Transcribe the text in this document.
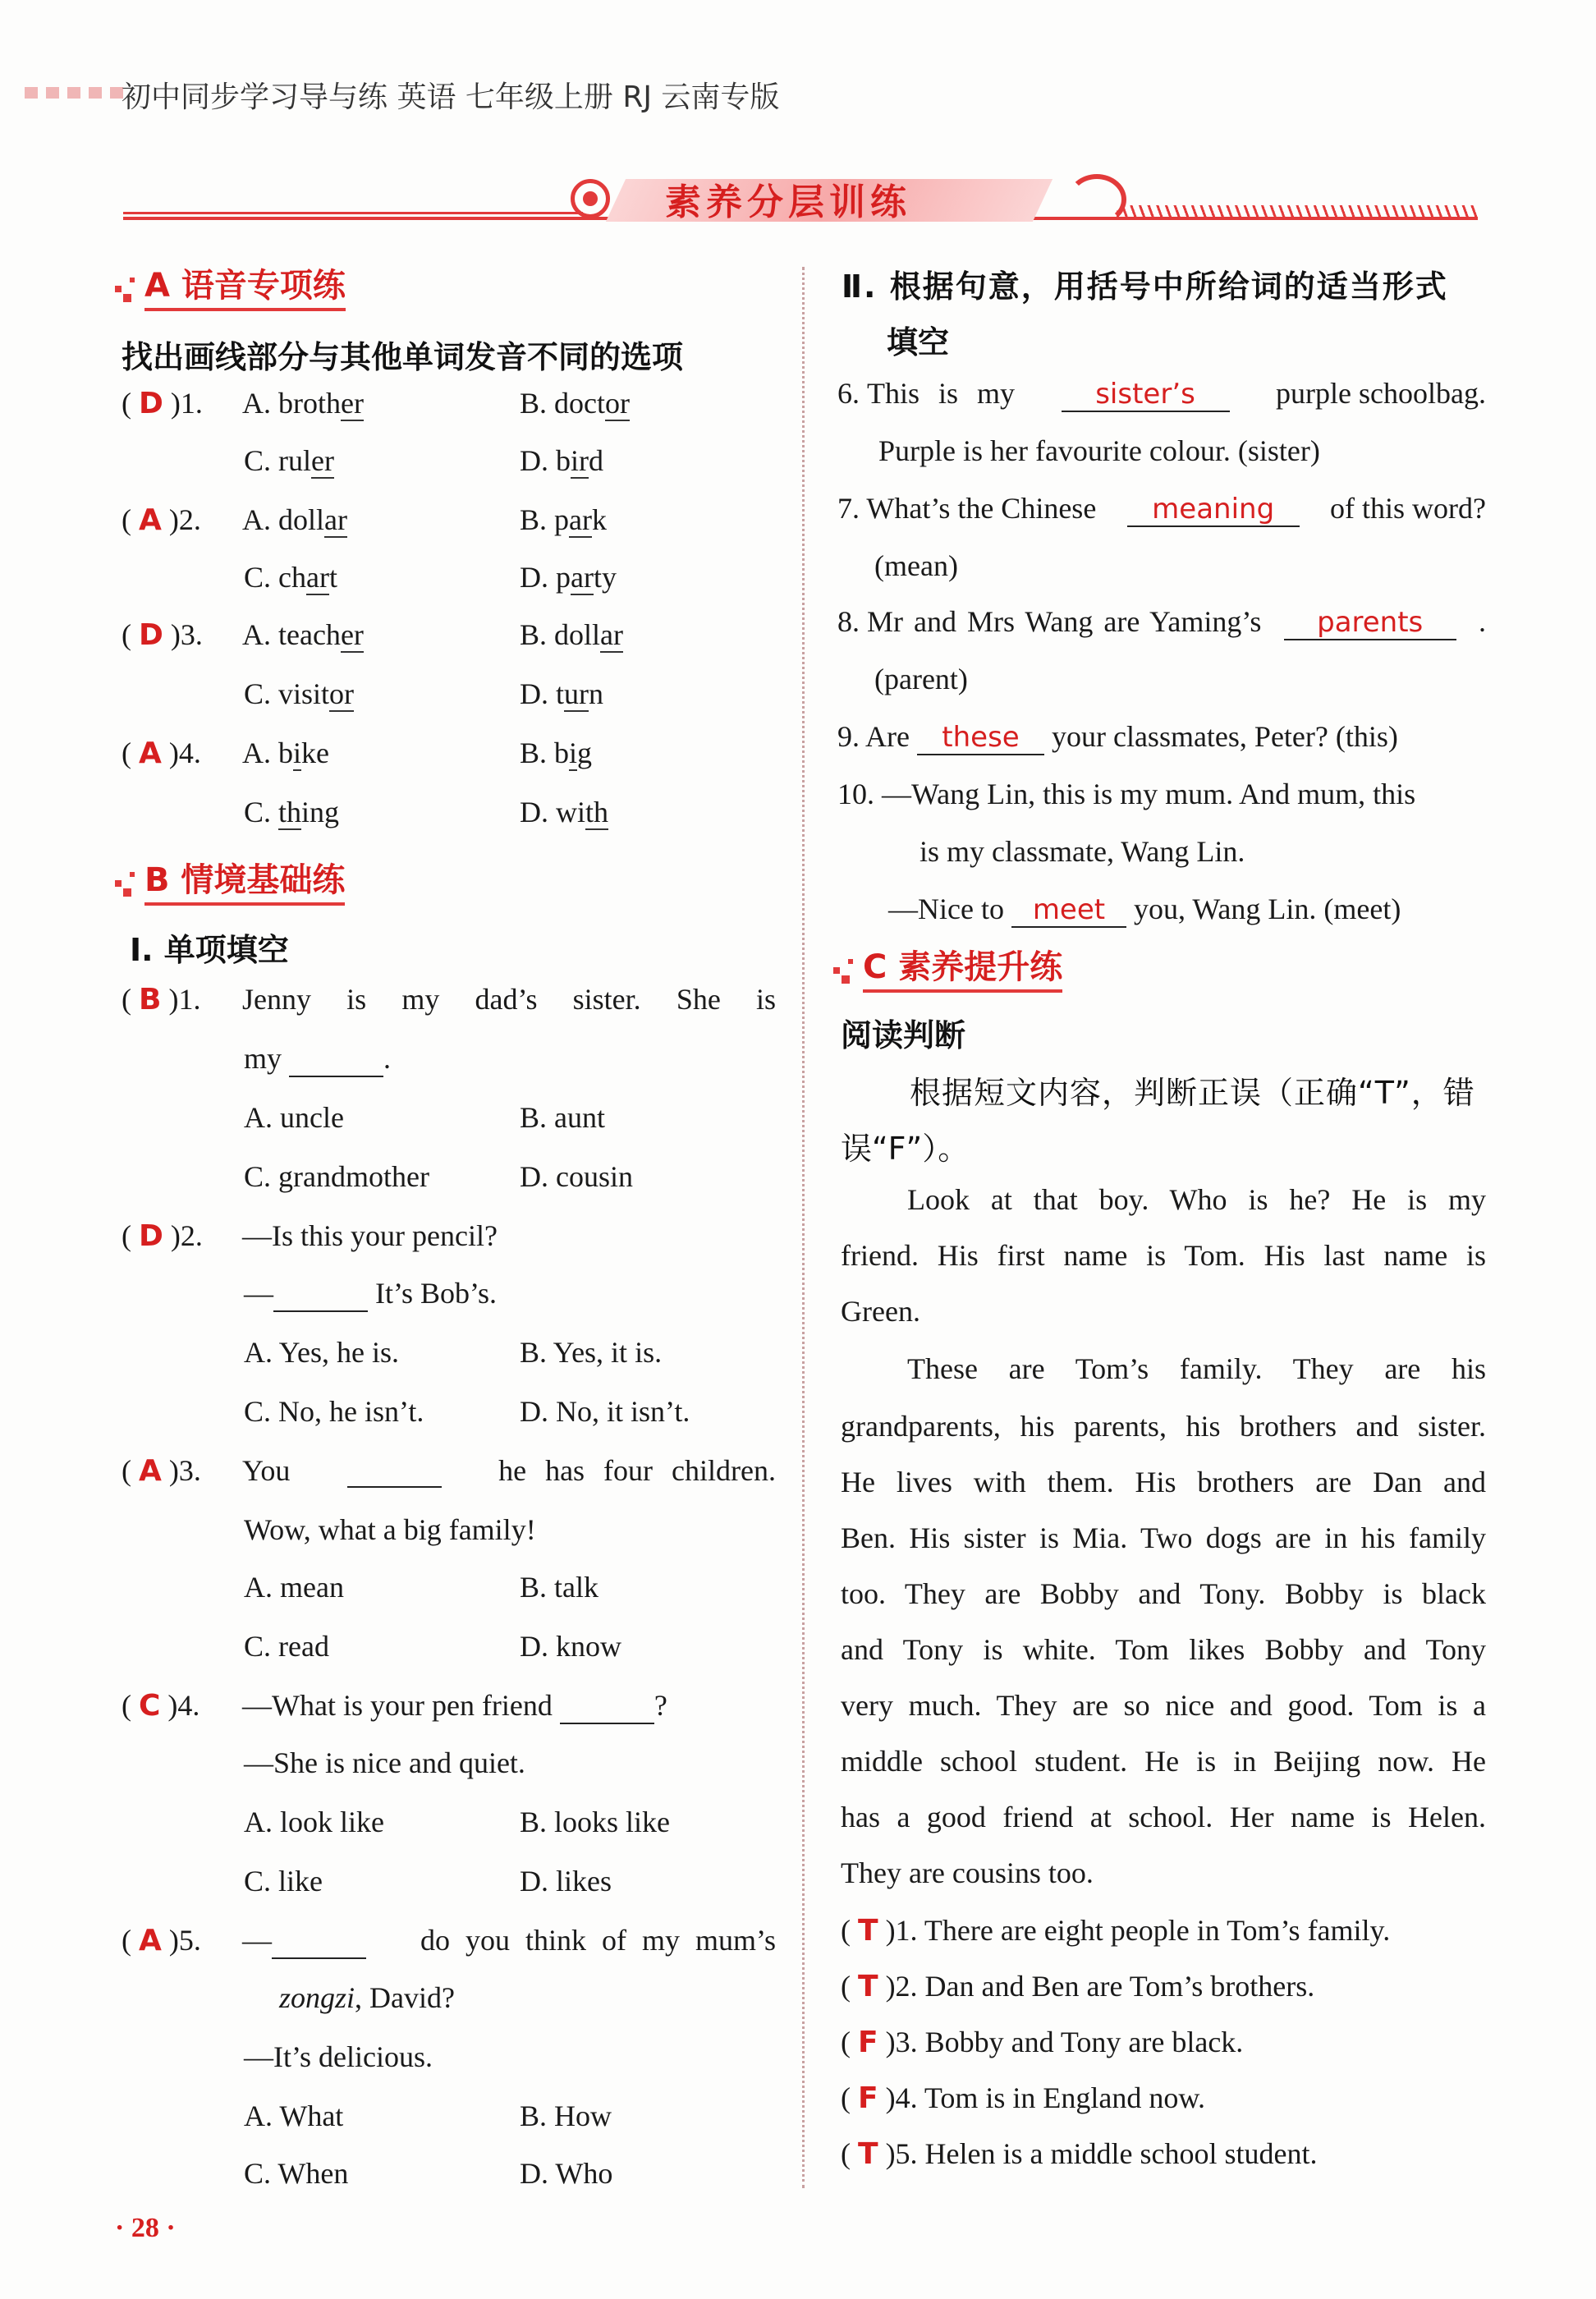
初中同步学习导与练 英语 七年级上册 RJ 云南专版
素养分层训练
A 语音专项练
找出画线部分与其他单词发音不同的选项
( D )1. A. brother	B. doctor
C. ruler	D. bird
( A )2. A. dollar	B. park
C. chart	D. party
( D )3. A. teacher	B. dollar
C. visitor	D. turn
( A )4. A. bike	B. big
C. thing	D. with
B 情境基础练
Ⅰ. 单项填空
( B )1. Jenny is my dad’s sister. She is
my	.
A. uncle	B. aunt
C. grandmother	D. cousin
( D )2. —Is this your pencil?
—	It’s Bob’s.
A. Yes, he is.	B. Yes, it is.
C. No, he isn’t.	D. No, it isn’t.
( A )3. You
	he has four children.
Wow, what a big family!
A. mean	B. talk
C. read	D. know
( C )4. —What is your pen friend	?
—She is nice and quiet.
A. look like	B. looks like
C. like	D. likes
( A )5. —	do you think of my mum’s
zongzi, David?
—It’s delicious.
A. What	B. How
C. When	D. Who
· 28 ·
Ⅱ. 根据句意，用括号中所给词的适当形式
填空
6. This is my	sister’s	purple schoolbag.
Purple is her favourite colour. (sister)
7. What’s the Chinese	meaning	of this word?
(mean)
8. Mr and Mrs Wang are Yaming’s	parents	.
(parent)
9. Are these your classmates, Peter? (this)
10. —Wang Lin, this is my mum. And mum, this
is my classmate, Wang Lin.
—Nice to meet you, Wang Lin. (meet)
C 素养提升练
阅读判断
根据短文内容，判断正误（正确“T”，错
误“F”）。
Look at that boy. Who is he? He is my
friend. His first name is Tom. His last name is
Green.
These are Tom’s family. They are his
grandparents, his parents, his brothers and sister.
He lives with them. His brothers are Dan and
Ben. His sister is Mia. Two dogs are in his family
too. They are Bobby and Tony. Bobby is black
and Tony is white. Tom likes Bobby and Tony
very much. They are so nice and good. Tom is a
middle school student. He is in Beijing now. He
has a good friend at school. Her name is Helen.
They are cousins too.
( T )1. There are eight people in Tom’s family.
( T )2. Dan and Ben are Tom’s brothers.
( F )3. Bobby and Tony are black.
( F )4. Tom is in England now.
( T )5. Helen is a middle school student.
